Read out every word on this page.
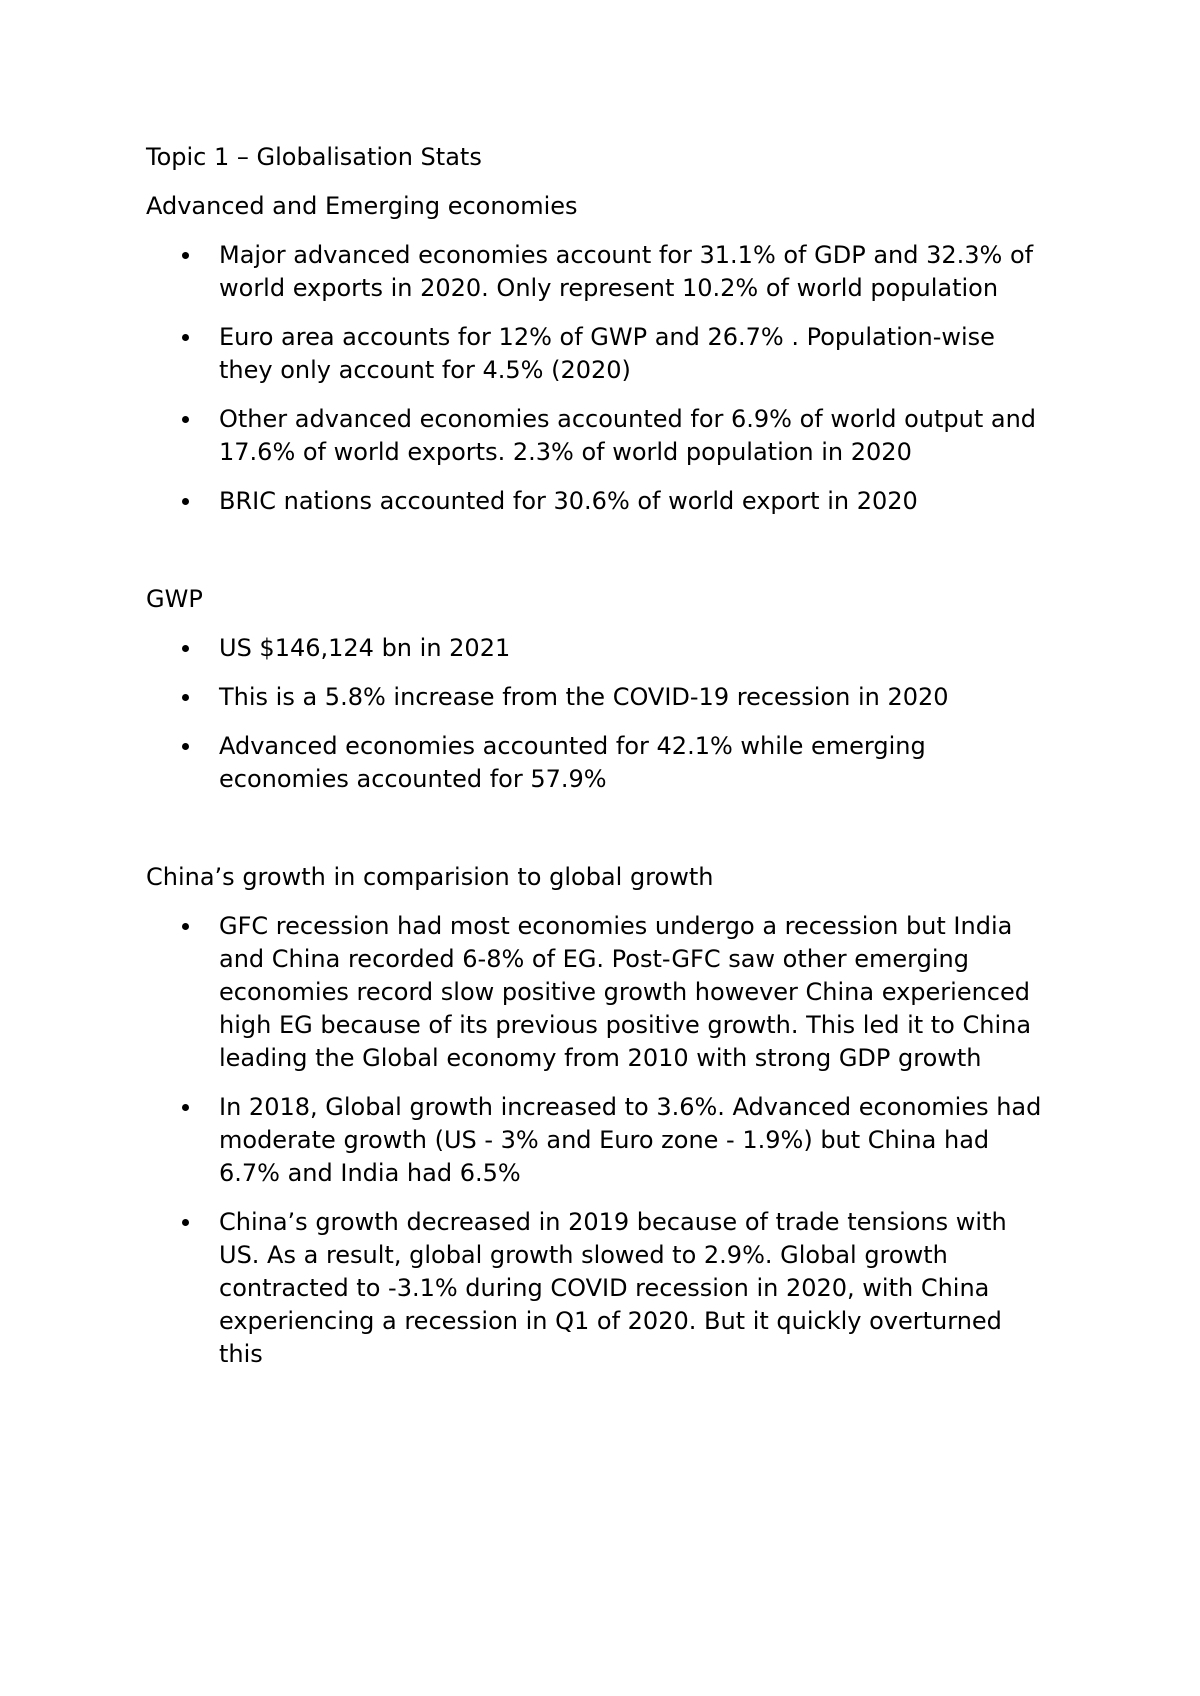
Topic 1 – Globalisation Stats

Advanced and Emerging economies

Major advanced economies account for 31.1% of GDP and 32.3% of
world exports in 2020. Only represent 10.2% of world population
Euro area accounts for 12% of GWP and 26.7% . Population-wise
they only account for 4.5% (2020)
Other advanced economies accounted for 6.9% of world output and
17.6% of world exports. 2.3% of world population in 2020
BRIC nations accounted for 30.6% of world export in 2020

GWP

US $146,124 bn in 2021
This is a 5.8% increase from the COVID-19 recession in 2020
Advanced economies accounted for 42.1% while emerging
economies accounted for 57.9%

China’s growth in comparision to global growth

GFC recession had most economies undergo a recession but India
and China recorded 6-8% of EG. Post-GFC saw other emerging
economies record slow positive growth however China experienced
high EG because of its previous positive growth. This led it to China
leading the Global economy from 2010 with strong GDP growth
In 2018, Global growth increased to 3.6%. Advanced economies had
moderate growth (US - 3% and Euro zone - 1.9%) but China had
6.7% and India had 6.5%
China’s growth decreased in 2019 because of trade tensions with
US. As a result, global growth slowed to 2.9%. Global growth
contracted to -3.1% during COVID recession in 2020, with China
experiencing a recession in Q1 of 2020. But it quickly overturned
this
